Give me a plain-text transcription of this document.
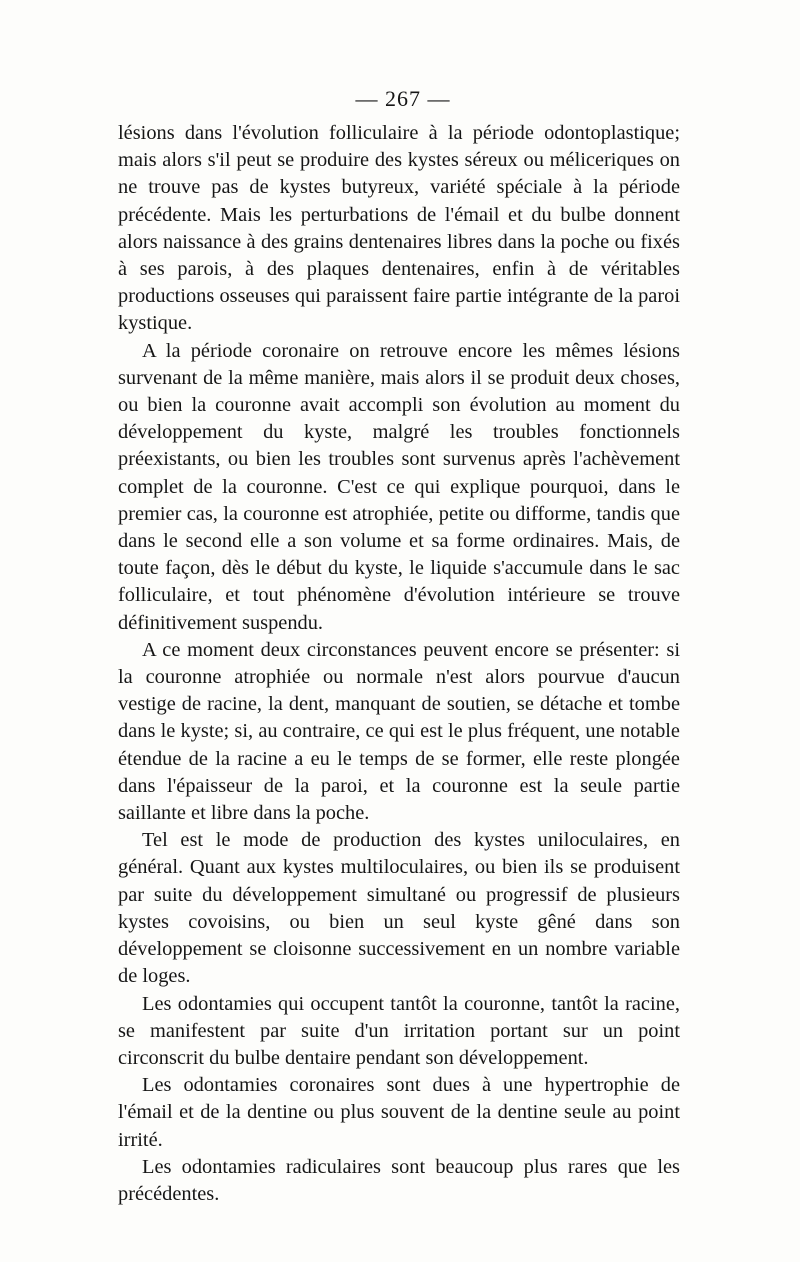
— 267 —

lésions dans l'évolution folliculaire à la période odontoplastique; mais alors s'il peut se produire des kystes séreux ou méliceriques on ne trouve pas de kystes butyreux, variété spéciale à la période précédente. Mais les perturbations de l'émail et du bulbe donnent alors naissance à des grains dentenaires libres dans la poche ou fixés à ses parois, à des plaques dentenaires, enfin à de véritables productions osseuses qui paraissent faire partie intégrante de la paroi kystique.

A la période coronaire on retrouve encore les mêmes lésions survenant de la même manière, mais alors il se produit deux choses, ou bien la couronne avait accompli son évolution au moment du développement du kyste, malgré les troubles fonctionnels préexistants, ou bien les troubles sont survenus après l'achèvement complet de la couronne. C'est ce qui explique pourquoi, dans le premier cas, la couronne est atrophiée, petite ou difforme, tandis que dans le second elle a son volume et sa forme ordinaires. Mais, de toute façon, dès le début du kyste, le liquide s'accumule dans le sac folliculaire, et tout phénomène d'évolution intérieure se trouve définitivement suspendu.

A ce moment deux circonstances peuvent encore se présenter: si la couronne atrophiée ou normale n'est alors pourvue d'aucun vestige de racine, la dent, manquant de soutien, se détache et tombe dans le kyste; si, au contraire, ce qui est le plus fréquent, une notable étendue de la racine a eu le temps de se former, elle reste plongée dans l'épaisseur de la paroi, et la couronne est la seule partie saillante et libre dans la poche.

Tel est le mode de production des kystes uniloculaires, en général. Quant aux kystes multiloculaires, ou bien ils se produisent par suite du développement simultané ou progressif de plusieurs kystes covoisins, ou bien un seul kyste gêné dans son développement se cloisonne successivement en un nombre variable de loges.

Les odontamies qui occupent tantôt la couronne, tantôt la racine, se manifestent par suite d'un irritation portant sur un point circonscrit du bulbe dentaire pendant son développement.

Les odontamies coronaires sont dues à une hypertrophie de l'émail et de la dentine ou plus souvent de la dentine seule au point irrité.

Les odontamies radiculaires sont beaucoup plus rares que les précédentes.
